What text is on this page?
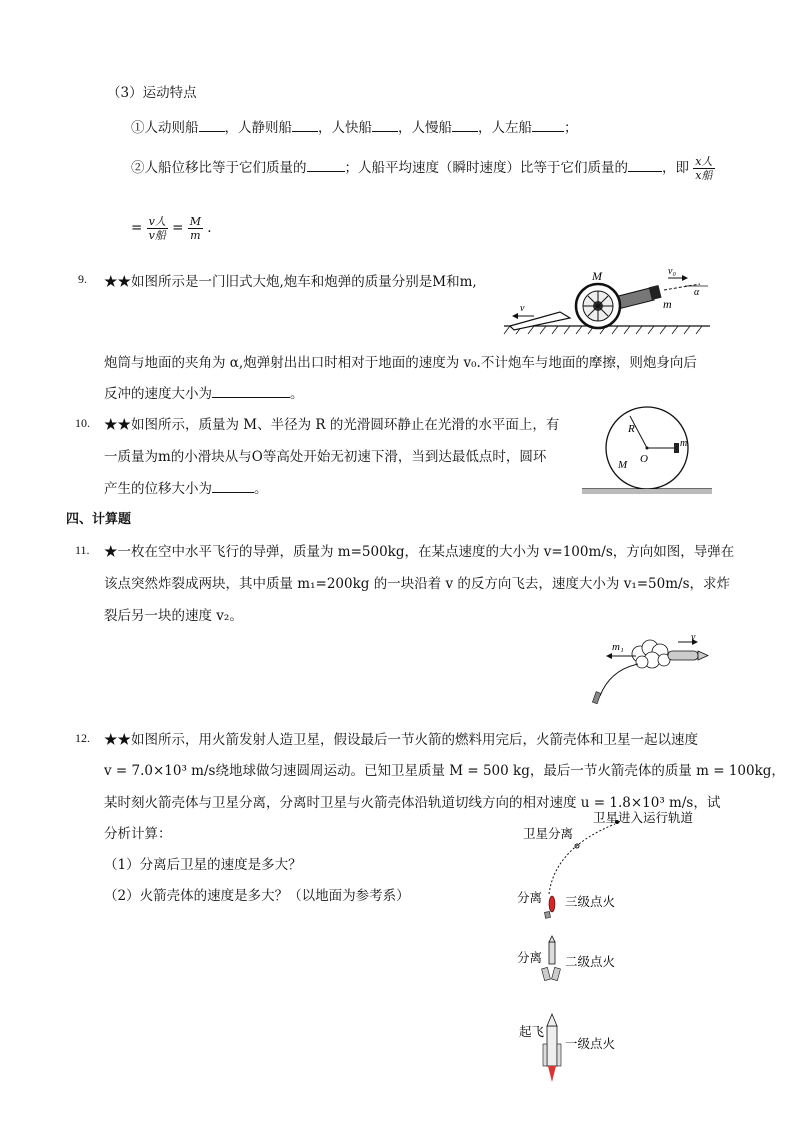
（3）运动特点
①人动则船 ，人静则船 ，人快船 ，人慢船 ，人左船 ；
②人船位移比等于它们质量的	；人船平均速度（瞬时速度）比等于它们质量的	，即 $\frac{\text{x人}}{\text{x船}}$
= $\frac{\text{v人}}{\text{v船}} = \frac{M}{m}$ .
9. ★★如图所示是一门旧式大炮,炮车和炮弹的质量分别是M和m,
炮筒与地面的夹角为 α,炮弹射出出口时相对于地面的速度为 v₀.不计炮车与地面的摩擦，则炮身向后
反冲的速度大小为	。
M
m
v₀
v
α
10. ★★如图所示，质量为 M、半径为 R 的光滑圆环静止在光滑的水平面上，有
一质量为m的小滑块从与O等高处开始无初速下滑，当到达最低点时，圆环
产生的位移大小为	。
R
O
M
m
四、计算题
11. ★一枚在空中水平飞行的导弹，质量为 m=500kg，在某点速度的大小为 v=100m/s，方向如图，导弹在
该点突然炸裂成两块，其中质量 m₁=200kg 的一块沿着 v 的反方向飞去，速度大小为 v₁=50m/s，求炸
裂后另一块的速度 v₂。
m₁
v
12. ★★如图所示，用火箭发射人造卫星，假设最后一节火箭的燃料用完后，火箭壳体和卫星一起以速度
v = 7.0×10³ m/s绕地球做匀速圆周运动。已知卫星质量 M = 500 kg，最后一节火箭壳体的质量 m = 100kg，
某时刻火箭壳体与卫星分离，分离时卫星与火箭壳体沿轨道切线方向的相对速度 u = 1.8×10³ m/s，试
分析计算：
（1）分离后卫星的速度是多大？
（2）火箭壳体的速度是多大？（以地面为参考系）
卫星分离
卫星进入运行轨道
分离 三级点火
分离 二级点火
起飞
一级点火
